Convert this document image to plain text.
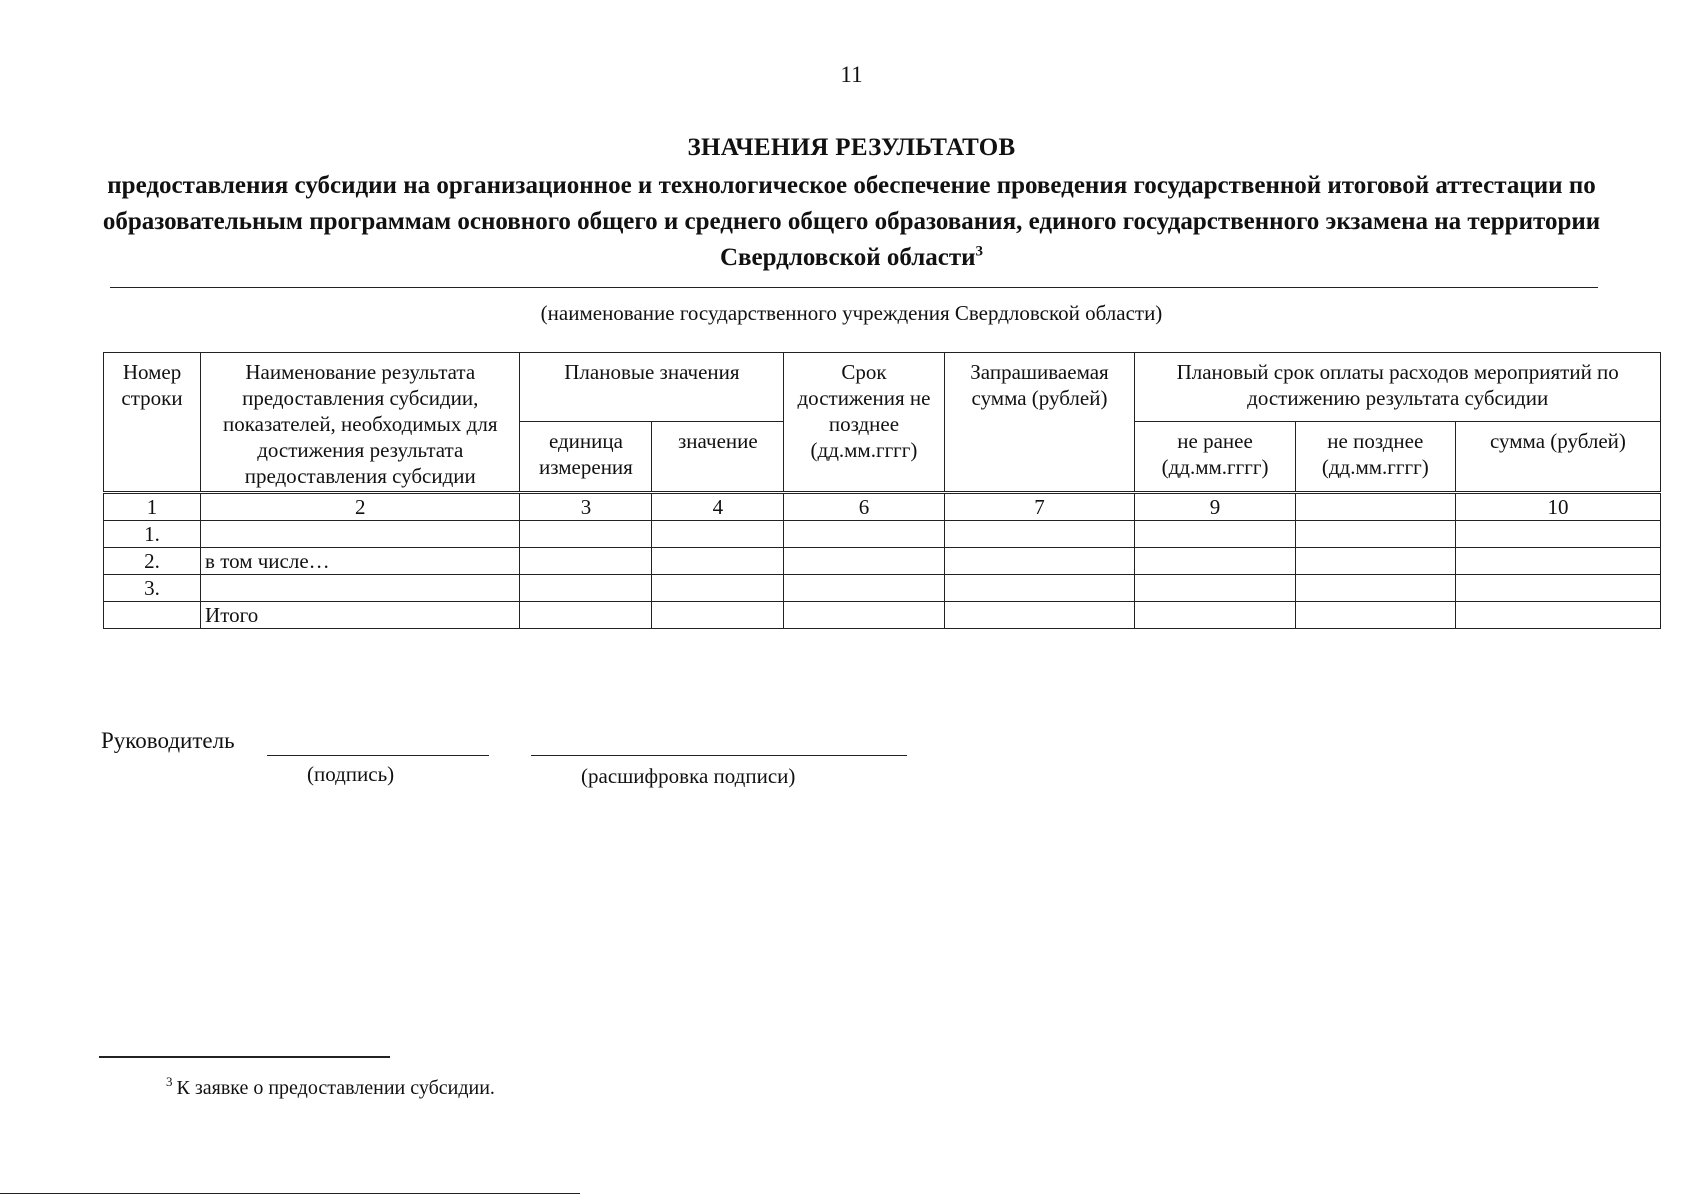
11
ЗНАЧЕНИЯ РЕЗУЛЬТАТОВ
предоставления субсидии на организационное и технологическое обеспечение проведения государственной итоговой аттестации по образовательным программам основного общего и среднего общего образования, единого государственного экзамена на территории Свердловской области$^3$
(наименование государственного учреждения Свердловской области)
Номер строки	Наименование результата предоставления субсидии, показателей, необходимых для достижения результата предоставления субсидии	Плановые значения		Срок достижения не позднее (дд.мм.гггг)	Запрашиваемая сумма (рублей)	Плановый срок оплаты расходов мероприятий по достижению результата субсидии		
		единица измерения	значение			не ранее (дд.мм.гггг)	не позднее (дд.мм.гггг)	сумма (рублей)
1	2	3	4	6	7	9		10
1.								
2.	в том числе…							
3.								
	Итого							
Руководитель
(подпись)	(расшифровка подписи)
$^3$ К заявке о предоставлении субсидии.
